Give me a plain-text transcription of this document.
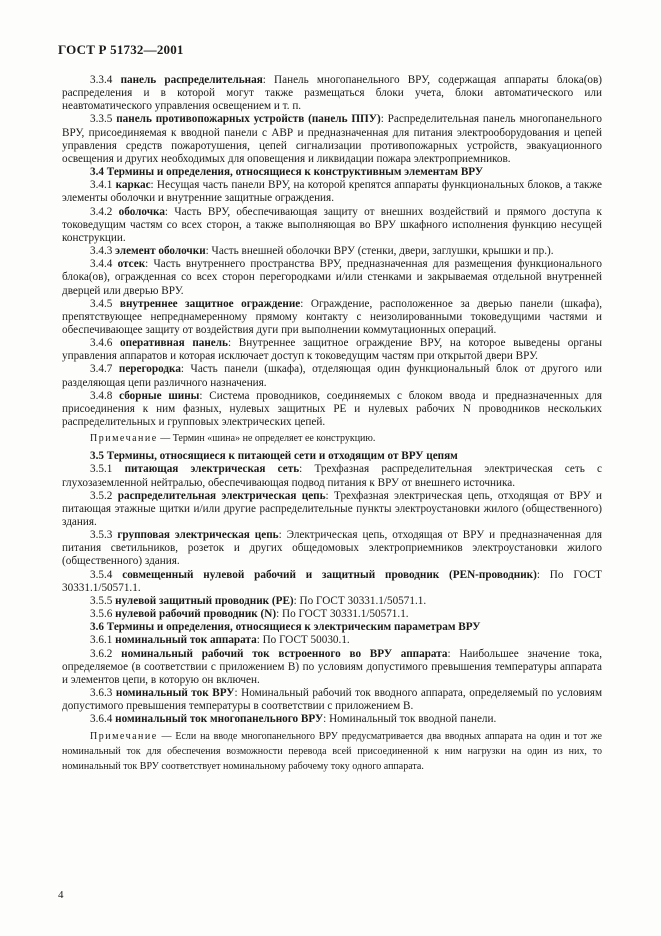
ГОСТ Р 51732—2001

3.3.4 панель распределительная: Панель многопанельного ВРУ, содержащая аппараты блока(ов) распределения и в которой могут также размещаться блоки учета, блоки автоматического или неавтоматического управления освещением и т. п.

3.3.5 панель противопожарных устройств (панель ППУ): Распределительная панель многопанельного ВРУ, присоединяемая к вводной панели с АВР и предназначенная для питания электрооборудования и цепей управления средств пожаротушения, цепей сигнализации противопожарных устройств, эвакуационного освещения и других необходимых для оповещения и ликвидации пожара электроприемников.

3.4 Термины и определения, относящиеся к конструктивным элементам ВРУ

3.4.1 каркас: Несущая часть панели ВРУ, на которой крепятся аппараты функциональных блоков, а также элементы оболочки и внутренние защитные ограждения.

3.4.2 оболочка: Часть ВРУ, обеспечивающая защиту от внешних воздействий и прямого доступа к токоведущим частям со всех сторон, а также выполняющая во ВРУ шкафного исполнения функцию несущей конструкции.

3.4.3 элемент оболочки: Часть внешней оболочки ВРУ (стенки, двери, заглушки, крышки и пр.).

3.4.4 отсек: Часть внутреннего пространства ВРУ, предназначенная для размещения функционального блока(ов), огражденная со всех сторон перегородками и/или стенками и закрываемая отдельной внутренней дверцей или дверью ВРУ.

3.4.5 внутреннее защитное ограждение: Ограждение, расположенное за дверью панели (шкафа), препятствующее непреднамеренному прямому контакту с неизолированными токоведущими частями и обеспечивающее защиту от воздействия дуги при выполнении коммутационных операций.

3.4.6 оперативная панель: Внутреннее защитное ограждение ВРУ, на которое выведены органы управления аппаратов и которая исключает доступ к токоведущим частям при открытой двери ВРУ.

3.4.7 перегородка: Часть панели (шкафа), отделяющая один функциональный блок от другого или разделяющая цепи различного назначения.

3.4.8 сборные шины: Система проводников, соединяемых с блоком ввода и предназначенных для присоединения к ним фазных, нулевых защитных PE и нулевых рабочих N проводников нескольких распределительных и групповых электрических цепей.

Примечание — Термин «шина» не определяет ее конструкцию.

3.5 Термины, относящиеся к питающей сети и отходящим от ВРУ цепям

3.5.1 питающая электрическая сеть: Трехфазная распределительная электрическая сеть с глухозаземленной нейтралью, обеспечивающая подвод питания к ВРУ от внешнего источника.

3.5.2 распределительная электрическая цепь: Трехфазная электрическая цепь, отходящая от ВРУ и питающая этажные щитки и/или другие распределительные пункты электроустановки жилого (общественного) здания.

3.5.3 групповая электрическая цепь: Электрическая цепь, отходящая от ВРУ и предназначенная для питания светильников, розеток и других общедомовых электроприемников электроустановки жилого (общественного) здания.

3.5.4 совмещенный нулевой рабочий и защитный проводник (PEN-проводник): По ГОСТ 30331.1/50571.1.

3.5.5 нулевой защитный проводник (PE): По ГОСТ 30331.1/50571.1.

3.5.6 нулевой рабочий проводник (N): По ГОСТ 30331.1/50571.1.

3.6 Термины и определения, относящиеся к электрическим параметрам ВРУ

3.6.1 номинальный ток аппарата: По ГОСТ 50030.1.

3.6.2 номинальный рабочий ток встроенного во ВРУ аппарата: Наибольшее значение тока, определяемое (в соответствии с приложением В) по условиям допустимого превышения температуры аппарата и элементов цепи, в которую он включен.

3.6.3 номинальный ток ВРУ: Номинальный рабочий ток вводного аппарата, определяемый по условиям допустимого превышения температуры в соответствии с приложением В.

3.6.4 номинальный ток многопанельного ВРУ: Номинальный ток вводной панели.

Примечание — Если на вводе многопанельного ВРУ предусматривается два вводных аппарата на один и тот же номинальный ток для обеспечения возможности перевода всей присоединенной к ним нагрузки на один из них, то номинальный ток ВРУ соответствует номинальному рабочему току одного аппарата.

4
